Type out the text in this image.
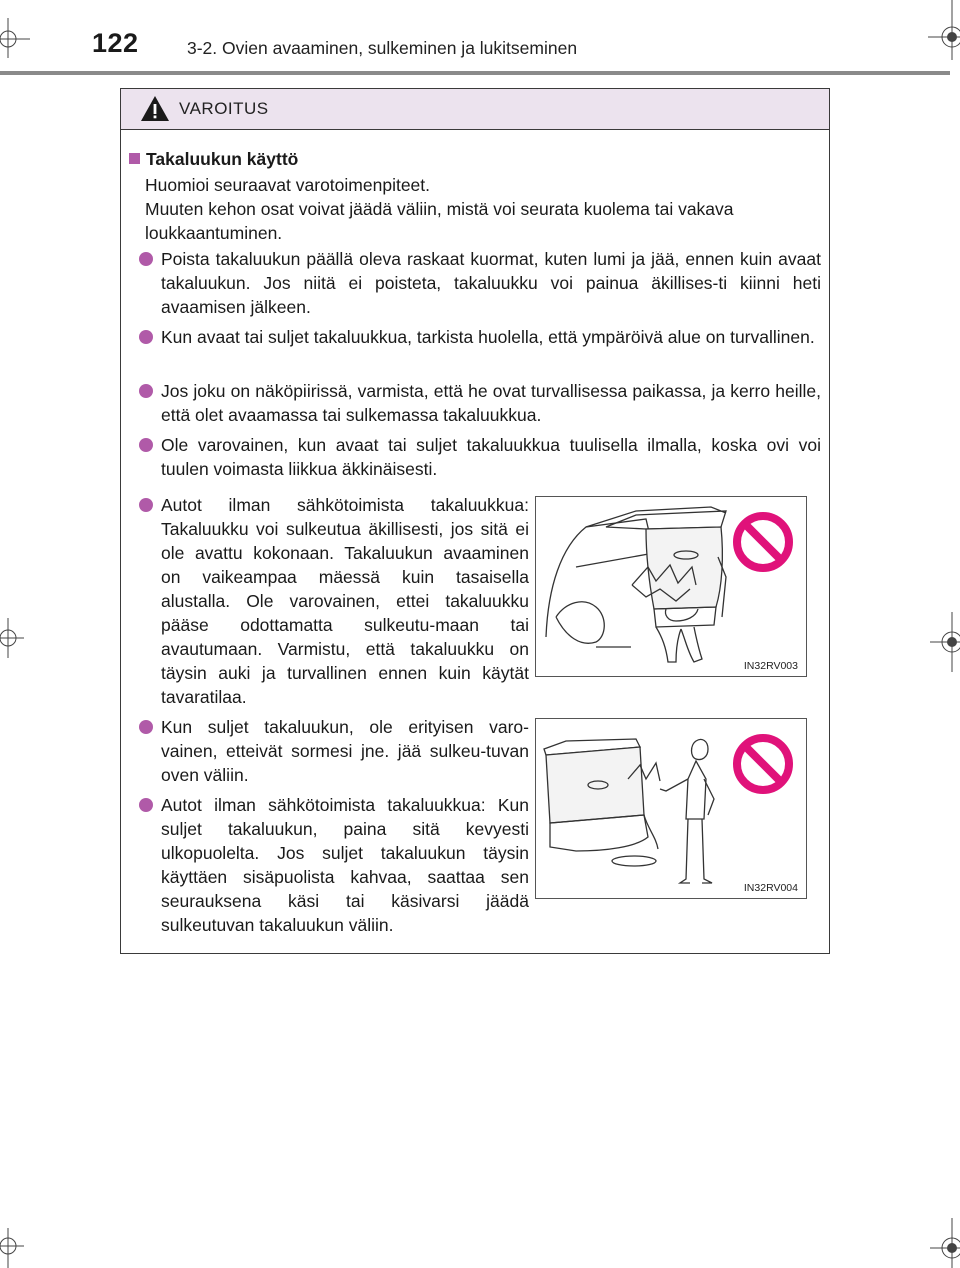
122	3-2. Ovien avaaminen, sulkeminen ja lukitseminen
VAROITUS
Takaluukun käyttö
Huomioi seuraavat varotoimenpiteet.
Muuten kehon osat voivat jäädä väliin, mistä voi seurata kuolema tai vakava loukkaantuminen.
Poista takaluukun päällä oleva raskaat kuormat, kuten lumi ja jää, ennen kuin avaat takaluukun. Jos niitä ei poisteta, takaluukku voi painua äkillises-ti kiinni heti avaamisen jälkeen.
Kun avaat tai suljet takaluukkua, tarkista huolella, että ympäröivä alue on turvallinen.
Jos joku on näköpiirissä, varmista, että he ovat turvallisessa paikassa, ja kerro heille, että olet avaamassa tai sulkemassa takaluukkua.
Ole varovainen, kun avaat tai suljet takaluukkua tuulisella ilmalla, koska ovi voi tuulen voimasta liikkua äkkinäisesti.
Autot ilman sähkötoimista takaluukkua: Takaluukku voi sulkeutua äkillisesti, jos sitä ei ole avattu kokonaan. Takaluukun avaaminen on vaikeampaa mäessä kuin tasaisella alustalla. Ole varovainen, ettei takaluukku pääse odottamatta sulkeutu-maan tai avautumaan. Varmistu, että takaluukku on täysin auki ja turvallinen ennen kuin käytät tavaratilaa.
Kun suljet takaluukun, ole erityisen varo-vainen, etteivät sormesi jne. jää sulkeu-tuvan oven väliin.
Autot ilman sähkötoimista takaluukkua: Kun suljet takaluukun, paina sitä kevyesti ulkopuolelta. Jos suljet takaluukun täysin käyttäen sisäpuolista kahvaa, saattaa sen seurauksena käsi tai käsivarsi jäädä sulkeutuvan takaluukun väliin.
IN32RV003
IN32RV004
